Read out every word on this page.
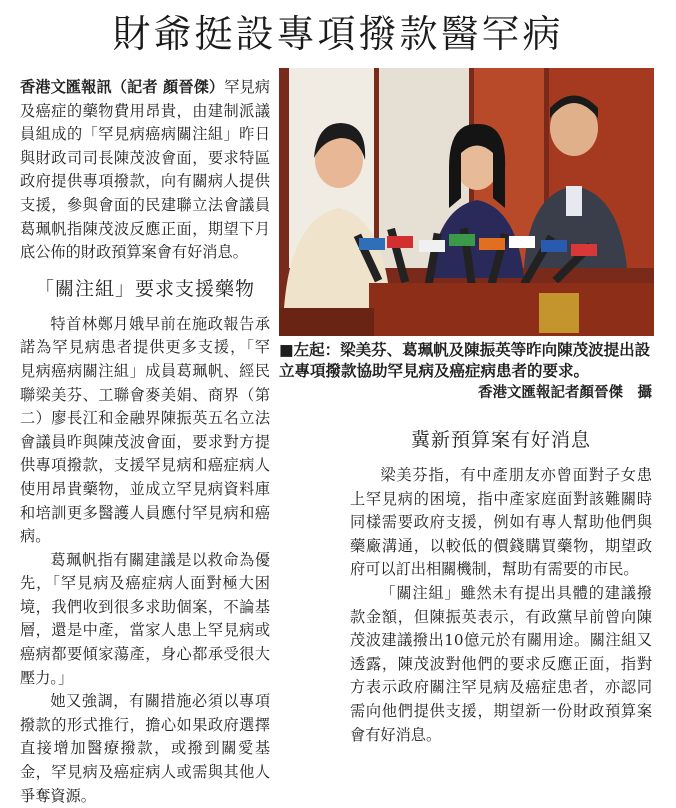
財爺挺設專項撥款醫罕病

香港文匯報訊（記者 顏晉傑）罕見病及癌症的藥物費用昂貴，由建制派議員組成的「罕見病癌病關注組」昨日與財政司司長陳茂波會面，要求特區政府提供專項撥款，向有關病人提供支援，參與會面的民建聯立法會議員葛珮帆指陳茂波反應正面，期望下月底公佈的財政預算案會有好消息。

「關注組」要求支援藥物

特首林鄭月娥早前在施政報告承諾為罕見病患者提供更多支援，「罕見病癌病關注組」成員葛珮帆、經民聯梁美芬、工聯會麥美娟、商界（第二）廖長江和金融界陳振英五名立法會議員昨與陳茂波會面，要求對方提供專項撥款，支援罕見病和癌症病人使用昂貴藥物，並成立罕見病資料庫和培訓更多醫護人員應付罕見病和癌病。

葛珮帆指有關建議是以救命為優先，「罕見病及癌症病人面對極大困境，我們收到很多求助個案，不論基層，還是中產，當家人患上罕見病或癌病都要傾家蕩產，身心都承受很大壓力。」

她又強調，有關措施必須以專項撥款的形式推行，擔心如果政府選擇直接增加醫療撥款，或撥到關愛基金，罕見病及癌症病人或需與其他人爭奪資源。

■左起：梁美芬、葛珮帆及陳振英等昨向陳茂波提出設立專項撥款協助罕見病及癌症病患者的要求。
香港文匯報記者顏晉傑　攝
冀新預算案有好消息

梁美芬指，有中產朋友亦曾面對子女患上罕見病的困境，指中產家庭面對該難關時同樣需要政府支援，例如有專人幫助他們與藥廠溝通，以較低的價錢購買藥物，期望政府可以訂出相關機制，幫助有需要的市民。

「關注組」雖然未有提出具體的建議撥款金額，但陳振英表示，有政黨早前曾向陳茂波建議撥出10億元於有關用途。關注組又透露，陳茂波對他們的要求反應正面，指對方表示政府關注罕見病及癌症患者，亦認同需向他們提供支援，期望新一份財政預算案會有好消息。
